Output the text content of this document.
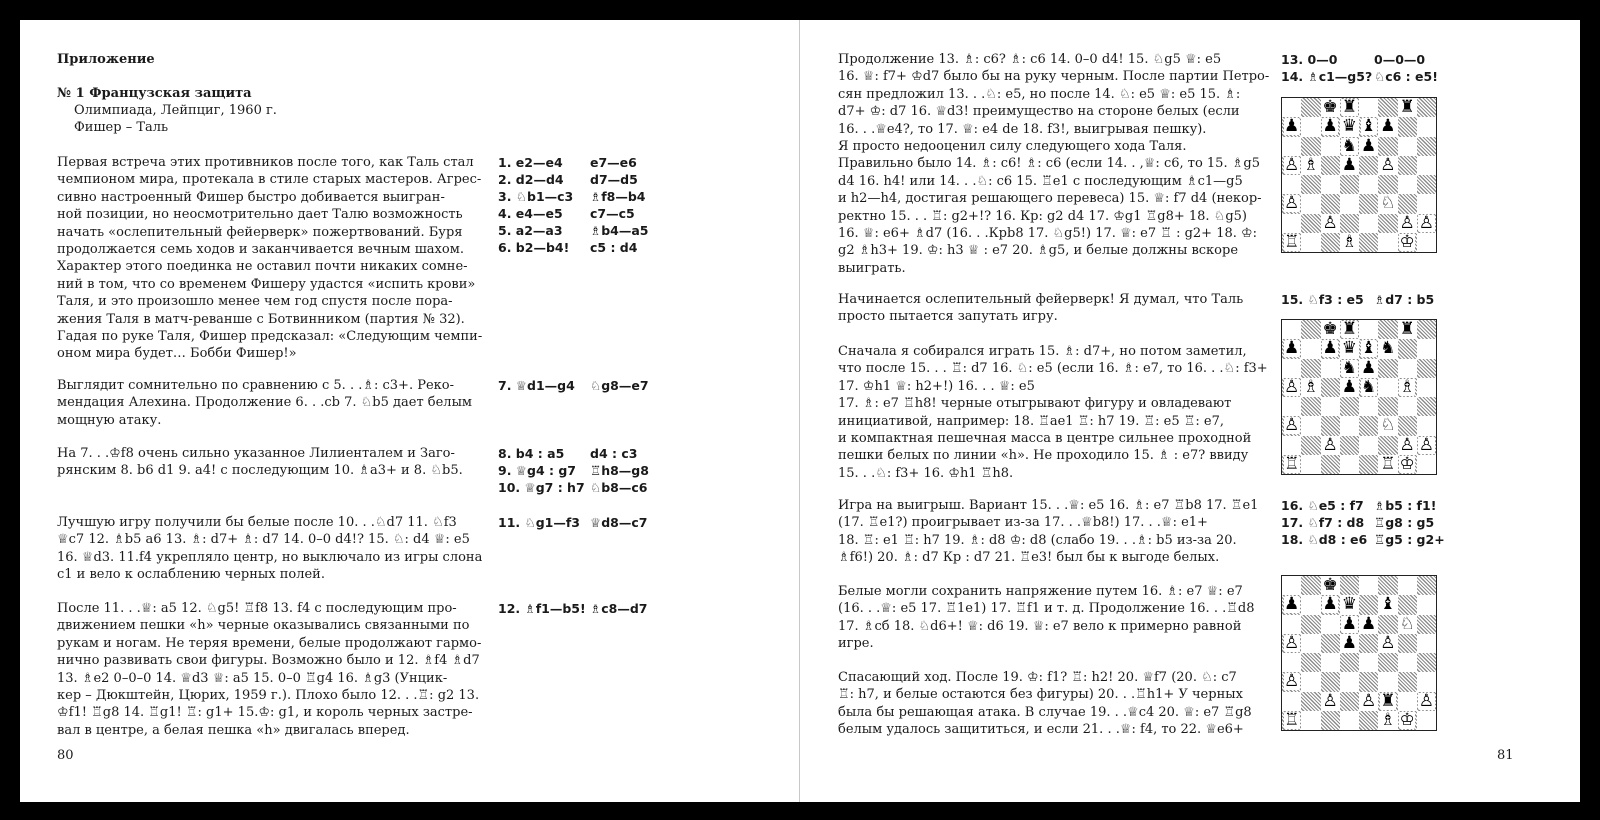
Приложение
№ 1 Французская защита
Олимпиада, Лейпциг, 1960 г.
Фишер – Таль
Первая встреча этих противников после того, как Таль стал
чемпионом мира, протекала в стиле старых мастеров. Агрес-
сивно настроенный Фишер быстро добивается выигран-
ной позиции, но неосмотрительно дает Талю возможность
начать «ослепительный фейерверк» пожертвований. Буря
продолжается семь ходов и заканчивается вечным шахом.
Характер этого поединка не оставил почти никаких сомне-
ний в том, что со временем Фишеру удастся «испить крови»
Таля, и это произошло менее чем год спустя после пора-
жения Таля в матч-реванше с Ботвинником (партия № 32).
Гадая по руке Таля, Фишер предсказал: «Следующим чемпи-
оном мира будет… Бобби Фишер!»
Выглядит сомнительно по сравнению с 5. . .♗: c3+. Реко-
мендация Алехина. Продолжение 6. . .cb 7. ♘b5 дает белым
мощную атаку.
На 7. . .♔f8 очень сильно указанное Лилиенталем и Заго-
рянским 8. b6 d1 9. a4! с последующим 10. ♗a3+ и 8. ♘b5.
Лучшую игру получили бы белые после 10. . .♘d7 11. ♘f3
♕c7 12. ♗b5 a6 13. ♗: d7+ ♗: d7 14. 0–0 d4!? 15. ♘: d4 ♕: e5
16. ♕d3. 11.f4 укрепляло центр, но выключало из игры слона
c1 и вело к ослаблению черных полей.
После 11. . .♕: a5 12. ♘g5! ♖f8 13. f4 с последующим про-
движением пешки «h» черные оказывались связанными по
рукам и ногам. Не теряя времени, белые продолжают гармо-
нично развивать свои фигуры. Возможно было и 12. ♗f4 ♗d7
13. ♗e2 0–0–0 14. ♕d3 ♕: a5 15. 0–0 ♖g4 16. ♗g3 (Унцик-
кер – Дюкштейн, Цюрих, 1959 г.). Плохо было 12. . .♖: g2 13.
♔f1! ♖g8 14. ♖g1! ♖: g1+ 15.♔: g1, и король черных застре-
вал в центре, а белая пешка «h» двигалась вперед.
1. e2—e4 e7—e6
2. d2—d4 d7—d5
3. ♘b1—c3 ♗f8—b4
4. e4—e5 c7—c5
5. a2—a3 ♗b4—a5
6. b2—b4! c5 : d4
7. ♕d1—g4 ♘g8—e7
8. b4 : a5 d4 : c3
9. ♕g4 : g7 ♖h8—g8
10. ♕g7 : h7 ♘b8—c6
11. ♘g1—f3 ♕d8—c7
12. ♗f1—b5! ♗c8—d7
80
Продолжение 13. ♗: c6? ♗: c6 14. 0–0 d4! 15. ♘g5 ♕: e5
16. ♕: f7+ ♔d7 было бы на руку черным. После партии Петро-
сян предложил 13. . .♘: e5, но после 14. ♘: e5 ♕: e5 15. ♗:
d7+ ♔: d7 16. ♕d3! преимущество на стороне белых (если
16. . .♕e4?, то 17. ♕: e4 de 18. f3!, выигрывая пешку).
Я просто недооценил силу следующего хода Таля.
Правильно было 14. ♗: c6! ♗: c6 (если 14. . ,♕: c6, то 15. ♗g5
d4 16. h4! или 14. . .♘: c6 15. ♖e1 с последующим ♗c1—g5
и h2—h4, достигая решающего перевеса) 15. ♕: f7 d4 (некор-
ректно 15. . . ♖: g2+!? 16. Кр: g2 d4 17. ♔g1 ♖g8+ 18. ♘g5)
16. ♕: e6+ ♗d7 (16. . .Крb8 17. ♘g5!) 17. ♕: e7 ♖ : g2+ 18. ♔:
g2 ♗h3+ 19. ♔: h3 ♕ : e7 20. ♗g5, и белые должны вскоре
выиграть.
Начинается ослепительный фейерверк! Я думал, что Таль
просто пытается запутать игру.
Сначала я собирался играть 15. ♗: d7+, но потом заметил,
что после 15. . . ♖: d7 16. ♘: e5 (если 16. ♗: e7, то 16. . .♘: f3+
17. ♔h1 ♕: h2+!) 16. . . ♕: e5
17. ♗: e7 ♖h8! черные отыгрывают фигуру и овладевают
инициативой, например: 18. ♖ae1 ♖: h7 19. ♖: e5 ♖: e7,
и компактная пешечная масса в центре сильнее проходной
пешки белых по линии «h». Не проходило 15. ♗ : e7? ввиду
15. . .♘: f3+ 16. ♔h1 ♖h8.
Игра на выигрыш. Вариант 15. . .♕: e5 16. ♗: e7 ♖b8 17. ♖e1
(17. ♖e1?) проигрывает из-за 17. . .♕b8!) 17. . .♕: e1+
18. ♖: e1 ♖: h7 19. ♗: d8 ♔: d8 (слабо 19. . .♗: b5 из-за 20.
♗f6!) 20. ♗: d7 Кр : d7 21. ♖e3! был бы к выгоде белых.
Белые могли сохранить напряжение путем 16. ♗: e7 ♕: e7
(16. . .♕: e5 17. ♖1e1) 17. ♖f1 и т. д. Продолжение 16. . .♖d8
17. ♗cб 18. ♘d6+! ♕: d6 19. ♕: e7 вело к примерно равной
игре.
Спасающий ход. После 19. ♔: f1? ♖: h2! 20. ♕f7 (20. ♘: c7
♖: h7, и белые остаются без фигуры) 20. . .♖h1+ У черных
была бы решающая атака. В случае 19. . .♕c4 20. ♕: e7 ♖g8
белым удалось защититься, и если 21. . .♕: f4, то 22. ♕e6+
13. 0—0	0—0—0
14. ♗c1—g5? ♘c6 : e5!
15. ♘f3 : e5 ♗d7 : b5
16. ♘e5 : f7 ♗b5 : f1!
17. ♘f7 : d8 ♖g8 : g5
18. ♘d8 : e6 ♖g5 : g2+
♚ ♜	♜
♟ ♟ ♛ ♝ ♟
♞ ♟
♙ ♗ ♟ ♙
♙	♘
♙	♙ ♙
♖	♗	♔
♚ ♜	♜
♟ ♟ ♛ ♝ ♞
♞ ♟
♙ ♗ ♟ ♞ ♗
♙	♘
♙	♙ ♙
♖	♖ ♔
♚
♟ ♟ ♛ ♝
♟ ♟ ♘
♙	♟ ♙
♙
♙ ♙ ♜ ♙
♖	♗ ♔
81
